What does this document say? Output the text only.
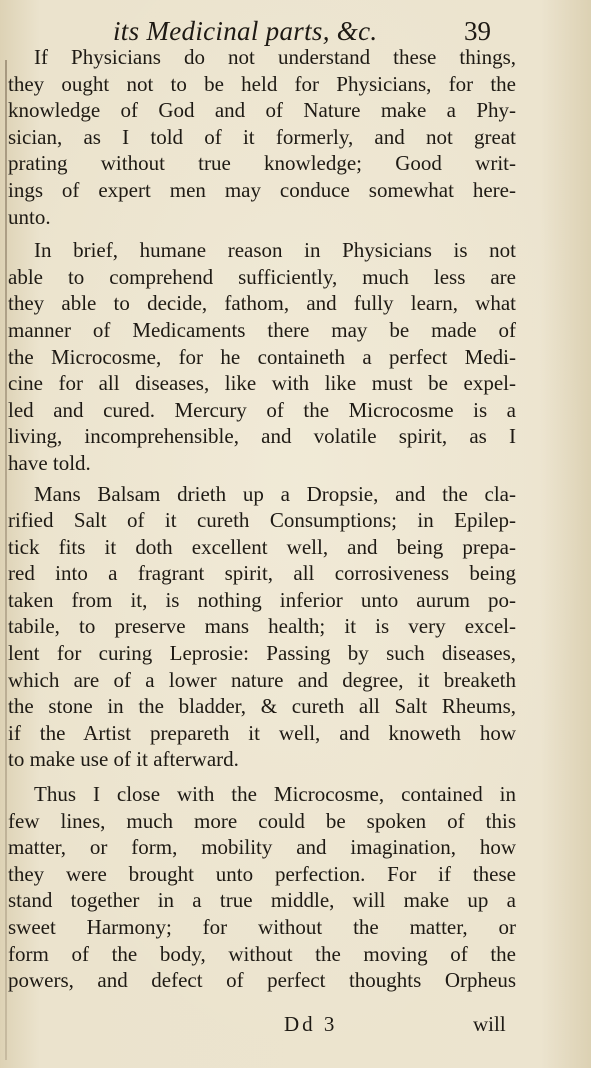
its Medicinal parts, &c.	39
If Physicians do not understand these things,
they ought not to be held for Physicians, for the
knowledge of God and of Nature make a Phy-
sician, as I told of it formerly, and not great
prating without true knowledge; Good writ-
ings of expert men may conduce somewhat here-
unto.
In brief, humane reason in Physicians is not
able to comprehend sufficiently, much less are
they able to decide, fathom, and fully learn, what
manner of Medicaments there may be made of
the Microcosme, for he containeth a perfect Medi-
cine for all diseases, like with like must be expel-
led and cured. Mercury of the Microcosme is a
living, incomprehensible, and volatile spirit, as I
have told.
Mans Balsam drieth up a Dropsie, and the cla-
rified Salt of it cureth Consumptions; in Epilep-
tick fits it doth excellent well, and being prepa-
red into a fragrant spirit, all corrosiveness being
taken from it, is nothing inferior unto aurum po-
tabile, to preserve mans health; it is very excel-
lent for curing Leprosie: Passing by such diseases,
which are of a lower nature and degree, it breaketh
the stone in the bladder, & cureth all Salt Rheums,
if the Artist prepareth it well, and knoweth how
to make use of it afterward.
Thus I close with the Microcosme, contained in
few lines, much more could be spoken of this
matter, or form, mobility and imagination, how
they were brought unto perfection. For if these
stand together in a true middle, will make up a
sweet Harmony; for without the matter, or
form of the body, without the moving of the
powers, and defect of perfect thoughts Orpheus
Dd 3	will
